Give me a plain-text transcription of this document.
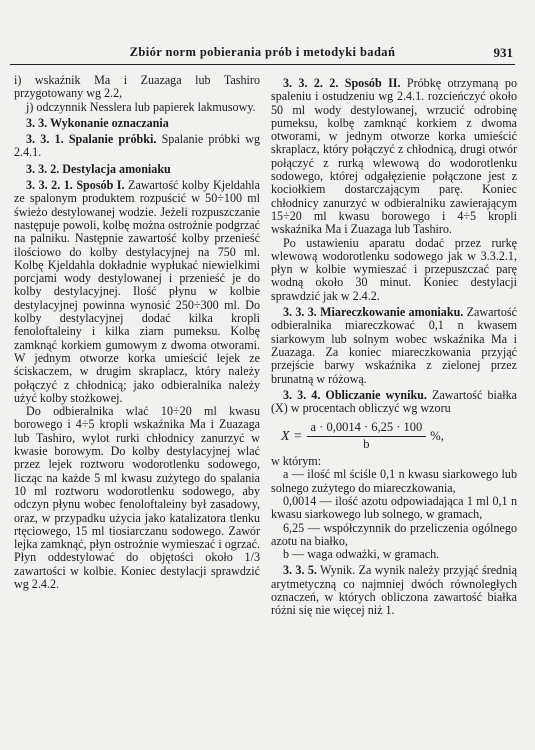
Zbiór norm pobierania prób i metodyki badań	931

i) wskaźnik Ma i Zuazaga lub Tashiro przygotowany wg 2.2,

j) odczynnik Nesslera lub papierek lakmusowy.

3. 3. Wykonanie oznaczania

3. 3. 1. Spalanie próbki. Spalanie próbki wg 2.4.1.

3. 3. 2. Destylacja amoniaku

3. 3. 2. 1. Sposób I. Zawartość kolby Kjeldahla ze spalonym produktem rozpuścić w 50÷100 ml świeżo destylowanej wodzie. Jeżeli rozpuszczanie następuje powoli, kolbę można ostrożnie podgrzać na palniku. Następnie zawartość kolby przenieść ilościowo do kolby destylacyjnej na 750 ml. Kolbę Kjeldahla dokładnie wypłukać niewielkimi porcjami wody destylowanej i przenieść je do kolby destylacyjnej. Ilość płynu w kolbie destylacyjnej powinna wynosić 250÷300 ml. Do kolby destylacyjnej dodać kilka kropli fenoloftaleiny i kilka ziarn pumeksu. Kolbę zamknąć korkiem gumowym z dwoma otworami. W jednym otworze korka umieścić lejek ze ściskaczem, w drugim skraplacz, który należy połączyć z chłodnicą; jako odbieralnika należy użyć kolby stożkowej.

Do odbieralnika wlać 10÷20 ml kwasu borowego i 4÷5 kropli wskaźnika Ma i Zuazaga lub Tashiro, wylot rurki chłodnicy zanurzyć w kwasie borowym. Do kolby destylacyjnej wlać przez lejek roztworu wodorotlenku sodowego, licząc na każde 5 ml kwasu zużytego do spalania 10 ml roztworu wodorotlenku sodowego, aby odczyn płynu wobec fenoloftaleiny był zasadowy, oraz, w przypadku użycia jako katalizatora tlenku rtęciowego, 15 ml tiosiarczanu sodowego. Zawór lejka zamknąć, płyn ostrożnie wymieszać i ogrzać. Płyn oddestylować do objętości około 1/3 zawartości w kolbie. Koniec destylacji sprawdzić wg 2.4.2.

3. 3. 2. 2. Sposób II. Próbkę otrzymaną po spaleniu i ostudzeniu wg 2.4.1. rozcieńczyć około 50 ml wody destylowanej, wrzucić odrobinę pumeksu, kolbę zamknąć korkiem z dwoma otworami, w jednym otworze korka umieścić skraplacz, który połączyć z chłodnicą, drugi otwór połączyć z rurką wlewową do wodorotlenku sodowego, której odgałęzienie połączone jest z kociołkiem dostarczającym parę. Koniec chłodnicy zanurzyć w odbieralniku zawierającym 15÷20 ml kwasu borowego i 4÷5 kropli wskaźnika Ma i Zuazaga lub Tashiro.

Po ustawieniu aparatu dodać przez rurkę wlewową wodorotlenku sodowego jak w 3.3.2.1, płyn w kolbie wymieszać i przepuszczać parę wodną około 30 minut. Koniec destylacji sprawdzić jak w 2.4.2.

3. 3. 3. Miareczkowanie amoniaku. Zawartość odbieralnika miareczkować 0,1 n kwasem siarkowym lub solnym wobec wskaźnika Ma i Zuazaga. Za koniec miareczkowania przyjąć przejście barwy wskaźnika z zielonej przez brunatną w różową.

3. 3. 4. Obliczanie wyniku. Zawartość białka (X) w procentach obliczyć wg wzoru

$X = \frac{a \cdot 0,0014 \cdot 6,25 \cdot 100}{b}$ %,

w którym:

a — ilość ml ściśle 0,1 n kwasu siarkowego lub solnego zużytego do miareczkowania,

0,0014 — ilość azotu odpowiadająca 1 ml 0,1 n kwasu siarkowego lub solnego, w gramach,

6,25 — współczynnik do przeliczenia ogólnego azotu na białko,

b — waga odważki, w gramach.

3. 3. 5. Wynik. Za wynik należy przyjąć średnią arytmetyczną co najmniej dwóch równoległych oznaczeń, w których obliczona zawartość białka różni się nie więcej niż 1.
